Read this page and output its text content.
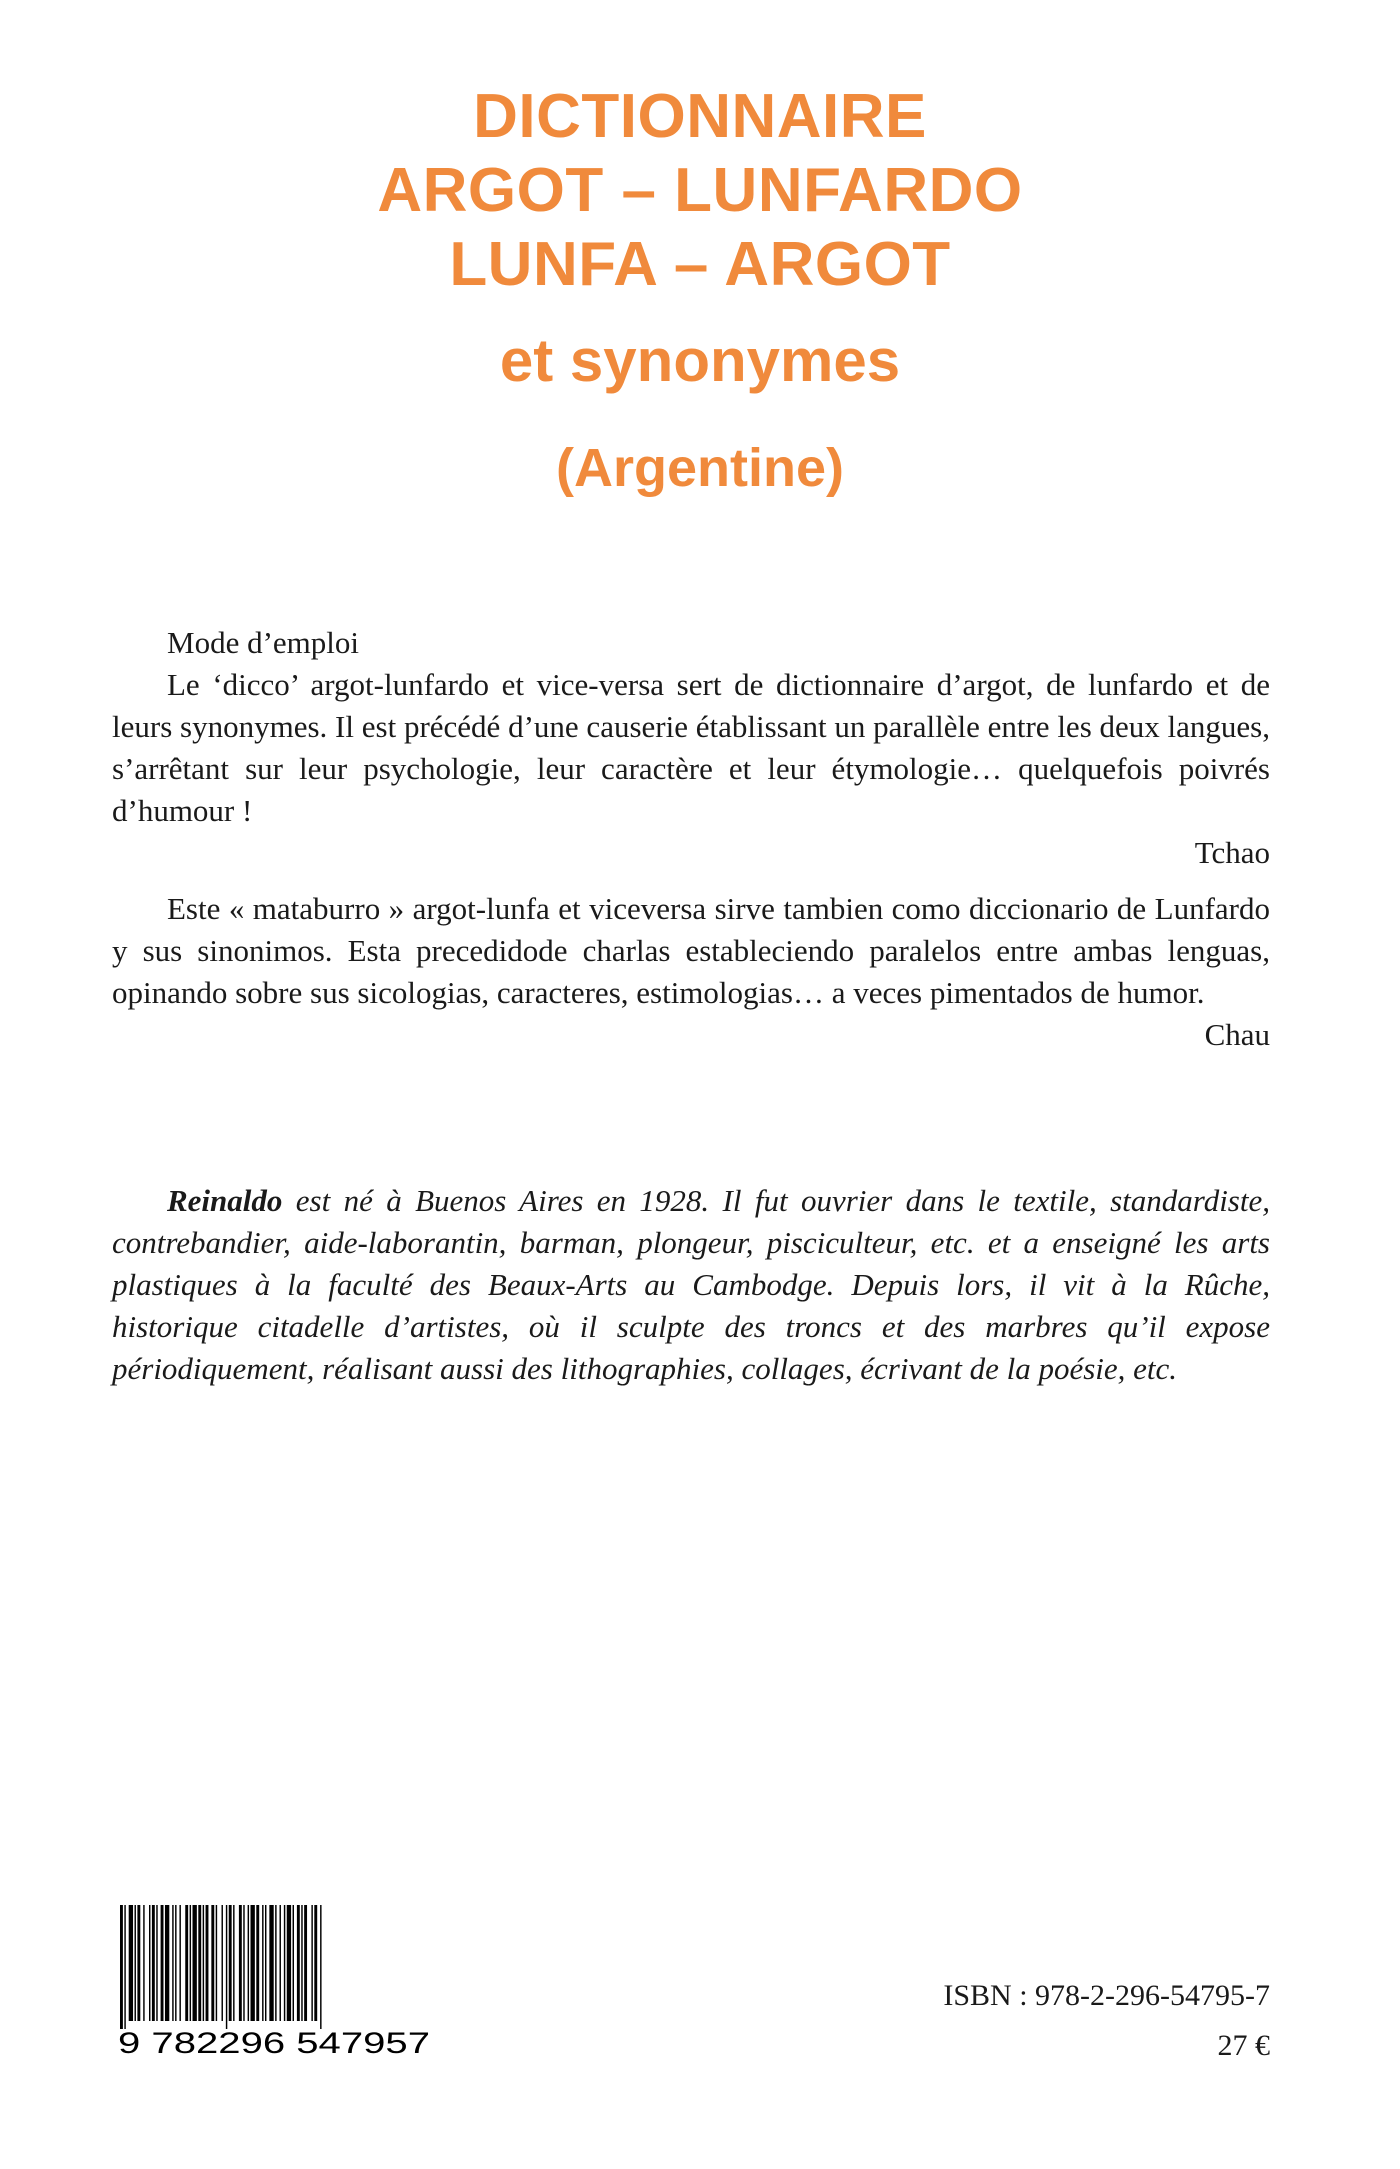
DICTIONNAIRE
ARGOT – LUNFARDO
LUNFA – ARGOT
et synonymes
(Argentine)

Mode d’emploi

Le ‘dicco’ argot-lunfardo et vice-versa sert de dictionnaire d’argot, de lunfardo et de leurs synonymes. Il est précédé d’une causerie établissant un parallèle entre les deux langues, s’arrêtant sur leur psychologie, leur caractère et leur étymologie… quelquefois poivrés d’humour !

Tchao

Este « mataburro » argot-lunfa et viceversa sirve tambien como diccionario de Lunfardo y sus sinonimos. Esta precedidode charlas estableciendo paralelos entre ambas lenguas, opinando sobre sus sicologias, caracteres, estimologias… a veces pimentados de humor.

Chau

Reinaldo est né à Buenos Aires en 1928. Il fut ouvrier dans le textile, standardiste, contrebandier, aide-laborantin, barman, plongeur, pisciculteur, etc. et a enseigné les arts plastiques à la faculté des Beaux-Arts au Cambodge. Depuis lors, il vit à la Rûche, historique citadelle d’artistes, où il sculpte des troncs et des marbres qu’il expose périodiquement, réalisant aussi des lithographies, collages, écrivant de la poésie, etc.

9 782296 547957
ISBN : 978-2-296-54795-7
27 €
